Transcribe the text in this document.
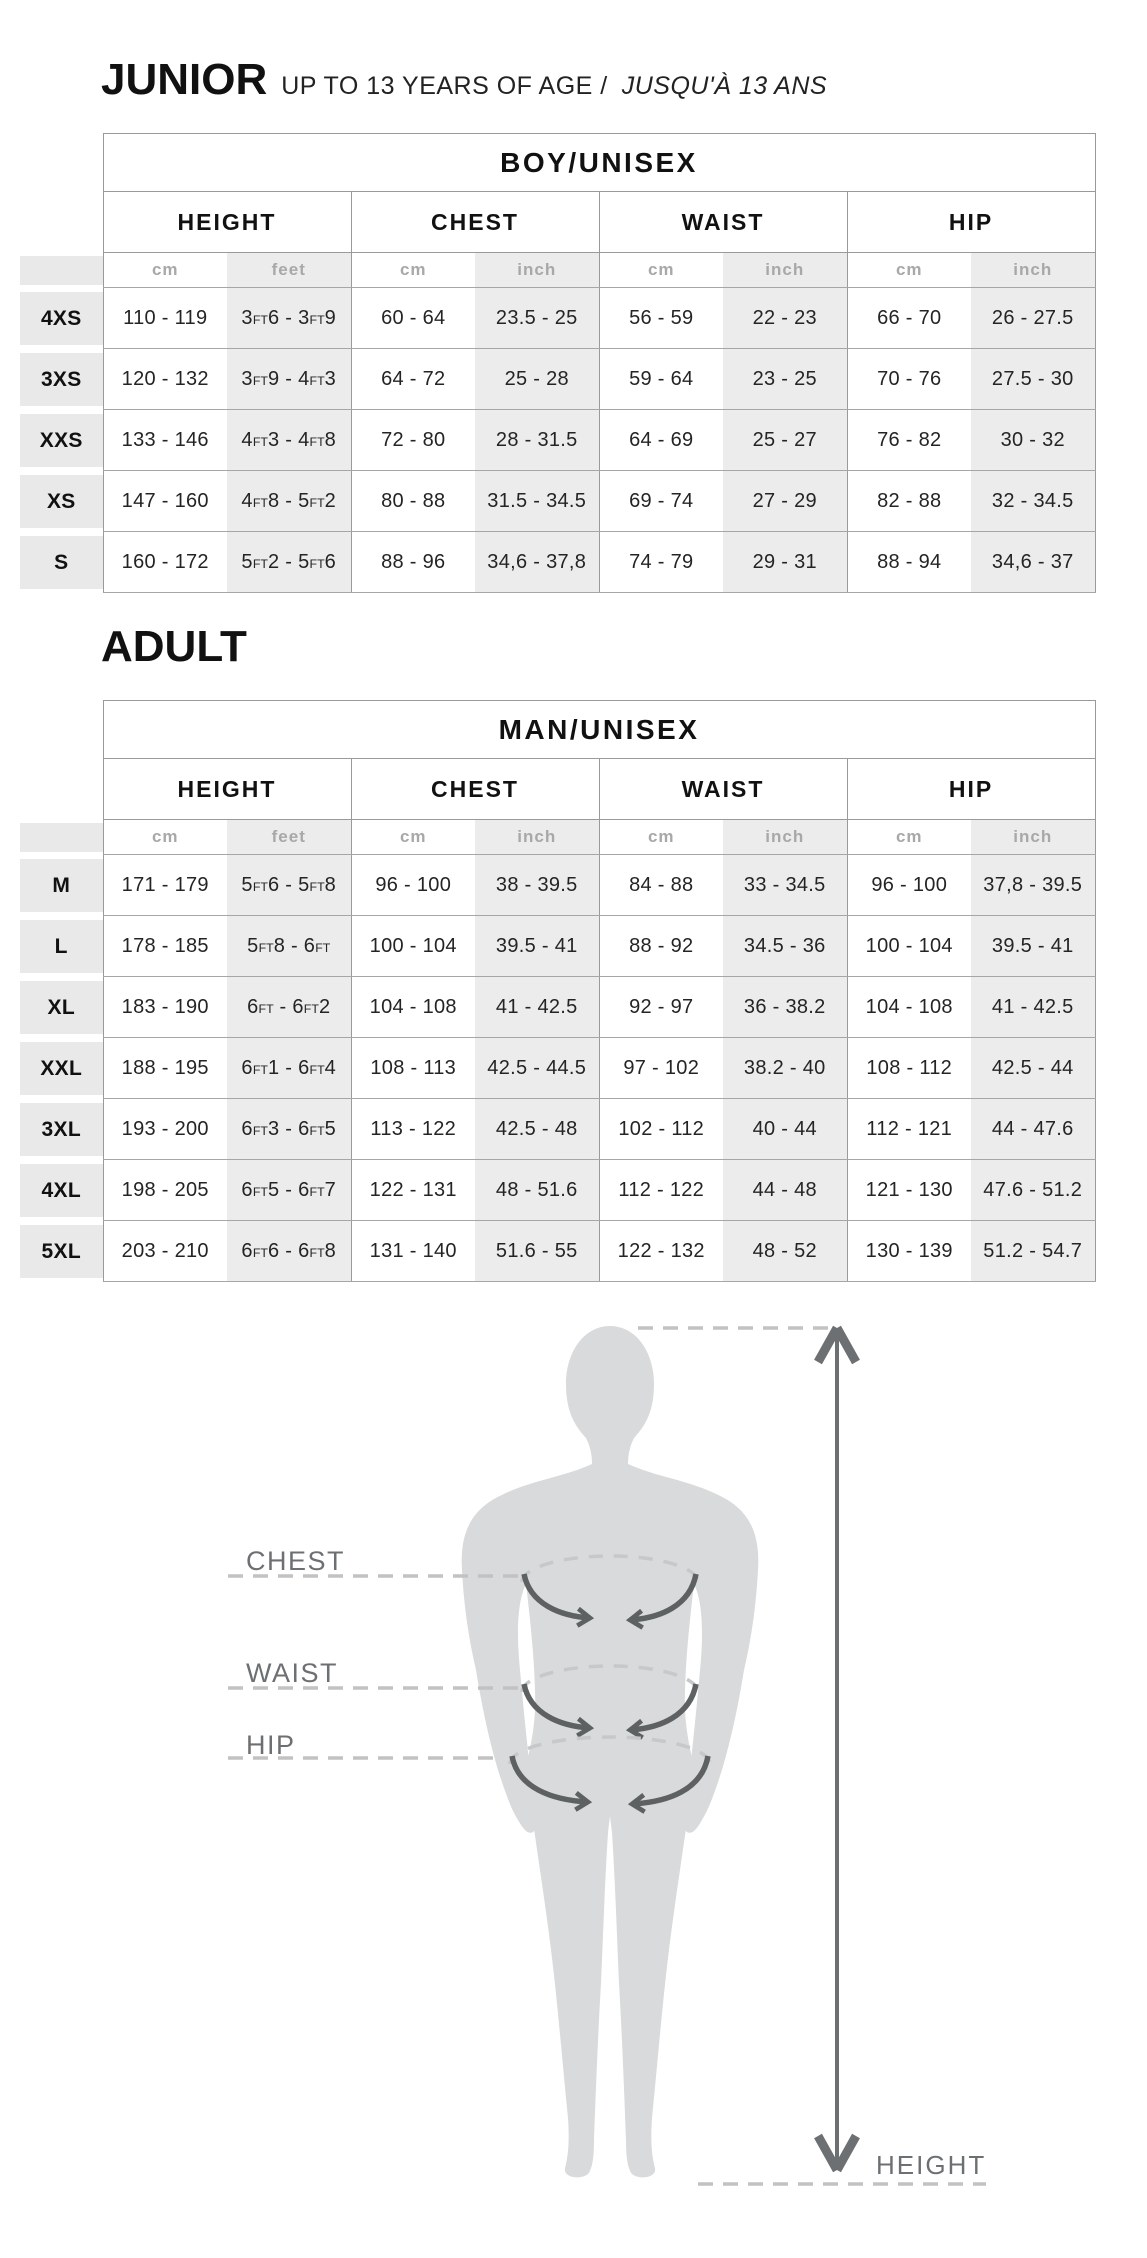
JUNIOR UP TO 13 YEARS OF AGE / JUSQU'À 13 ANS
	BOY/UNISEX							
	HEIGHT		CHEST		WAIST		HIP	

	cm	feet	cm	inch	cm	inch	cm	inch

4XS	110 - 119	3FT6 - 3FT9	60 - 64	23.5 - 25	56 - 59	22 - 23	66 - 70	26 - 27.5

3XS	120 - 132	3FT9 - 4FT3	64 - 72	25 - 28	59 - 64	23 - 25	70 - 76	27.5 - 30

XXS	133 - 146	4FT3 - 4FT8	72 - 80	28 - 31.5	64 - 69	25 - 27	76 - 82	30 - 32

XS	147 - 160	4FT8 - 5FT2	80 - 88	31.5 - 34.5	69 - 74	27 - 29	82 - 88	32 - 34.5

S	160 - 172	5FT2 - 5FT6	88 - 96	34,6 - 37,8	74 - 79	29 - 31	88 - 94	34,6 - 37
ADULT
	MAN/UNISEX							
	HEIGHT		CHEST		WAIST		HIP	

	cm	feet	cm	inch	cm	inch	cm	inch

M	171 - 179	5FT6 - 5FT8	96 - 100	38 - 39.5	84 - 88	33 - 34.5	96 - 100	37,8 - 39.5

L	178 - 185	5FT8 - 6FT	100 - 104	39.5 - 41	88 - 92	34.5 - 36	100 - 104	39.5 - 41

XL	183 - 190	6FT - 6FT2	104 - 108	41 - 42.5	92 - 97	36 - 38.2	104 - 108	41 - 42.5

XXL	188 - 195	6FT1 - 6FT4	108 - 113	42.5 - 44.5	97 - 102	38.2 - 40	108 - 112	42.5 - 44

3XL	193 - 200	6FT3 - 6FT5	113 - 122	42.5 - 48	102 - 112	40 - 44	112 - 121	44 - 47.6

4XL	198 - 205	6FT5 - 6FT7	122 - 131	48 - 51.6	112 - 122	44 - 48	121 - 130	47.6 - 51.2

5XL	203 - 210	6FT6 - 6FT8	131 - 140	51.6 - 55	122 - 132	48 - 52	130 - 139	51.2 - 54.7
CHEST
WAIST
HIP
HEIGHT
